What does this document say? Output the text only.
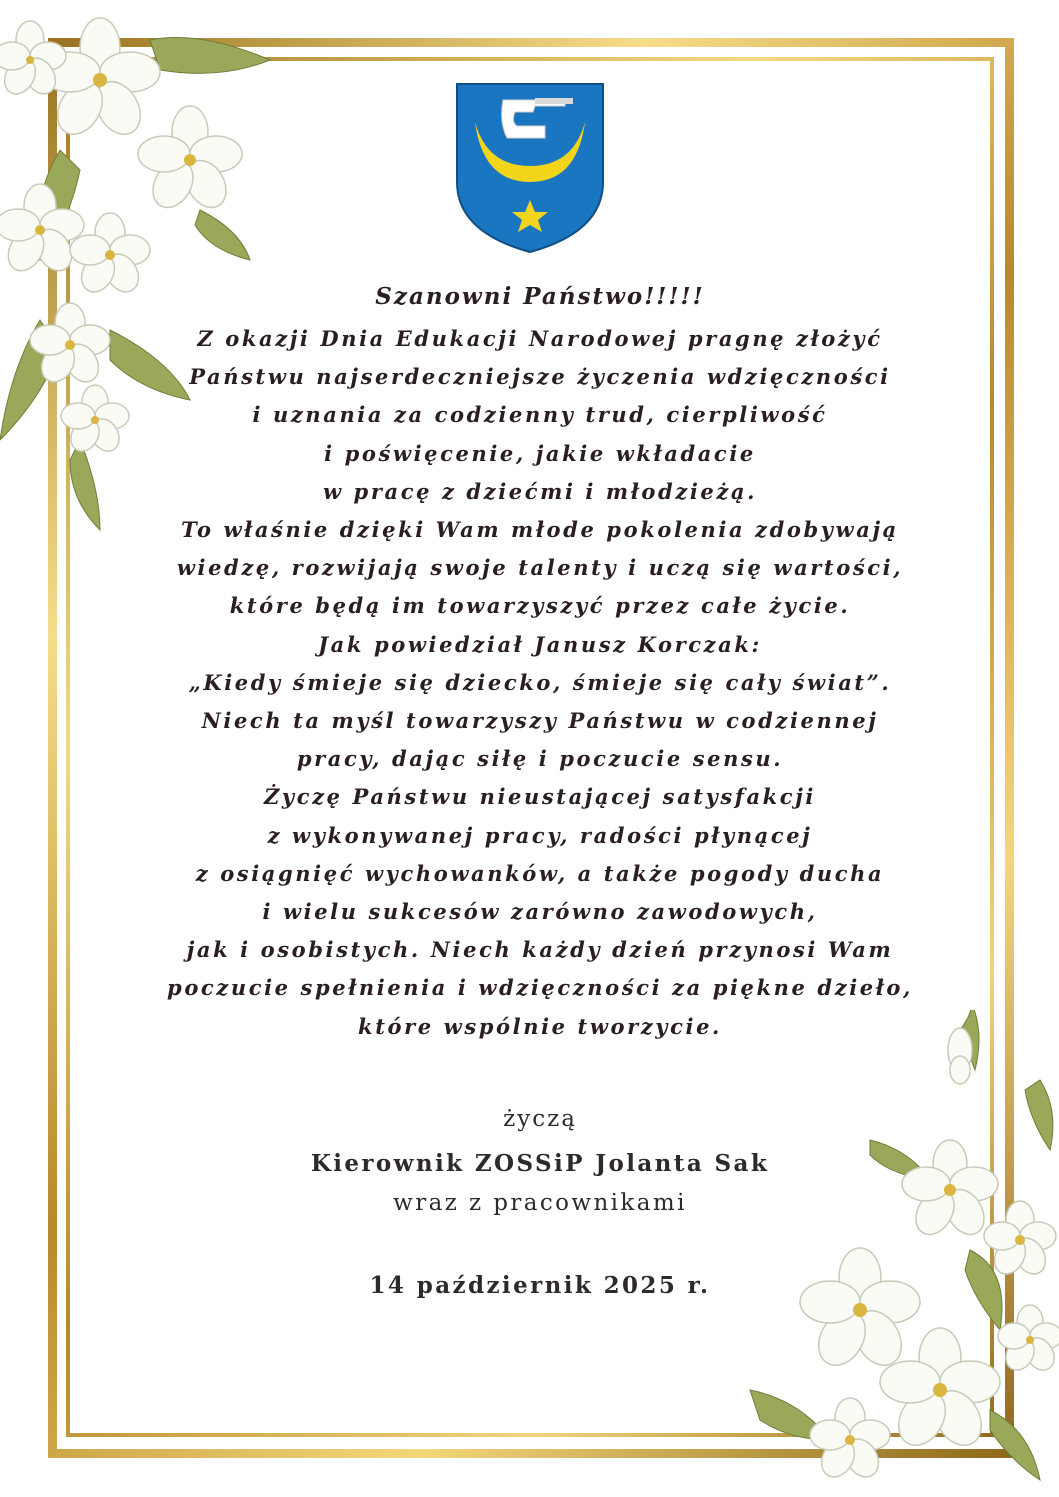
Szanowni Państwo!!!!!

Z okazji Dnia Edukacji Narodowej pragnę złożyć

Państwu najserdeczniejsze życzenia wdzięczności

i uznania za codzienny trud, cierpliwość

i poświęcenie, jakie wkładacie

w pracę z dziećmi i młodzieżą.

To właśnie dzięki Wam młode pokolenia zdobywają

wiedzę, rozwijają swoje talenty i uczą się wartości,

które będą im towarzyszyć przez całe życie.

Jak powiedział Janusz Korczak:

„Kiedy śmieje się dziecko, śmieje się cały świat”.

Niech ta myśl towarzyszy Państwu w codziennej

pracy, dając siłę i poczucie sensu.

Życzę Państwu nieustającej satysfakcji

z wykonywanej pracy, radości płynącej

z osiągnięć wychowanków, a także pogody ducha

i wielu sukcesów zarówno zawodowych,

jak i osobistych. Niech każdy dzień przynosi Wam

poczucie spełnienia i wdzięczności za piękne dzieło,

które wspólnie tworzycie.

życzą
Kierownik ZOSSiP Jolanta Sak
wraz z pracownikami
14 październik 2025 r.
